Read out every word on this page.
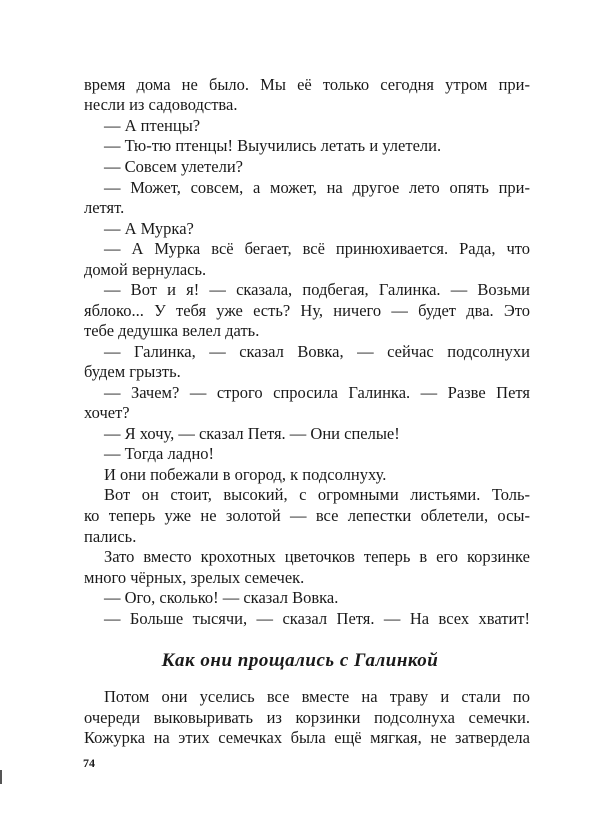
время дома не было. Мы её только сегодня утром при-
несли из садоводства.
— А птенцы?
— Тю-тю птенцы! Выучились летать и улетели.
— Совсем улетели?
— Может, совсем, а может, на другое лето опять при-
летят.
— А Мурка?
— А Мурка всё бегает, всё принюхивается. Рада, что
домой вернулась.
— Вот и я! — сказала, подбегая, Галинка. — Возьми
яблоко... У тебя уже есть? Ну, ничего — будет два. Это
тебе дедушка велел дать.
— Галинка, — сказал Вовка, — сейчас подсолнухи
будем грызть.
— Зачем? — строго спросила Галинка. — Разве Петя
хочет?
— Я хочу, — сказал Петя. — Они спелые!
— Тогда ладно!
И они побежали в огород, к подсолнуху.
Вот он стоит, высокий, с огромными листьями. Толь-
ко теперь уже не золотой — все лепестки облетели, осы-
пались.
Зато вместо крохотных цветочков теперь в его корзинке
много чёрных, зрелых семечек.
— Ого, сколько! — сказал Вовка.
— Больше тысячи, — сказал Петя. — На всех хватит!
Как они прощались с Галинкой
Потом они уселись все вместе на траву и стали по
очереди выковыривать из корзинки подсолнуха семечки.
Кожурка на этих семечках была ещё мягкая, не затвердела
74
